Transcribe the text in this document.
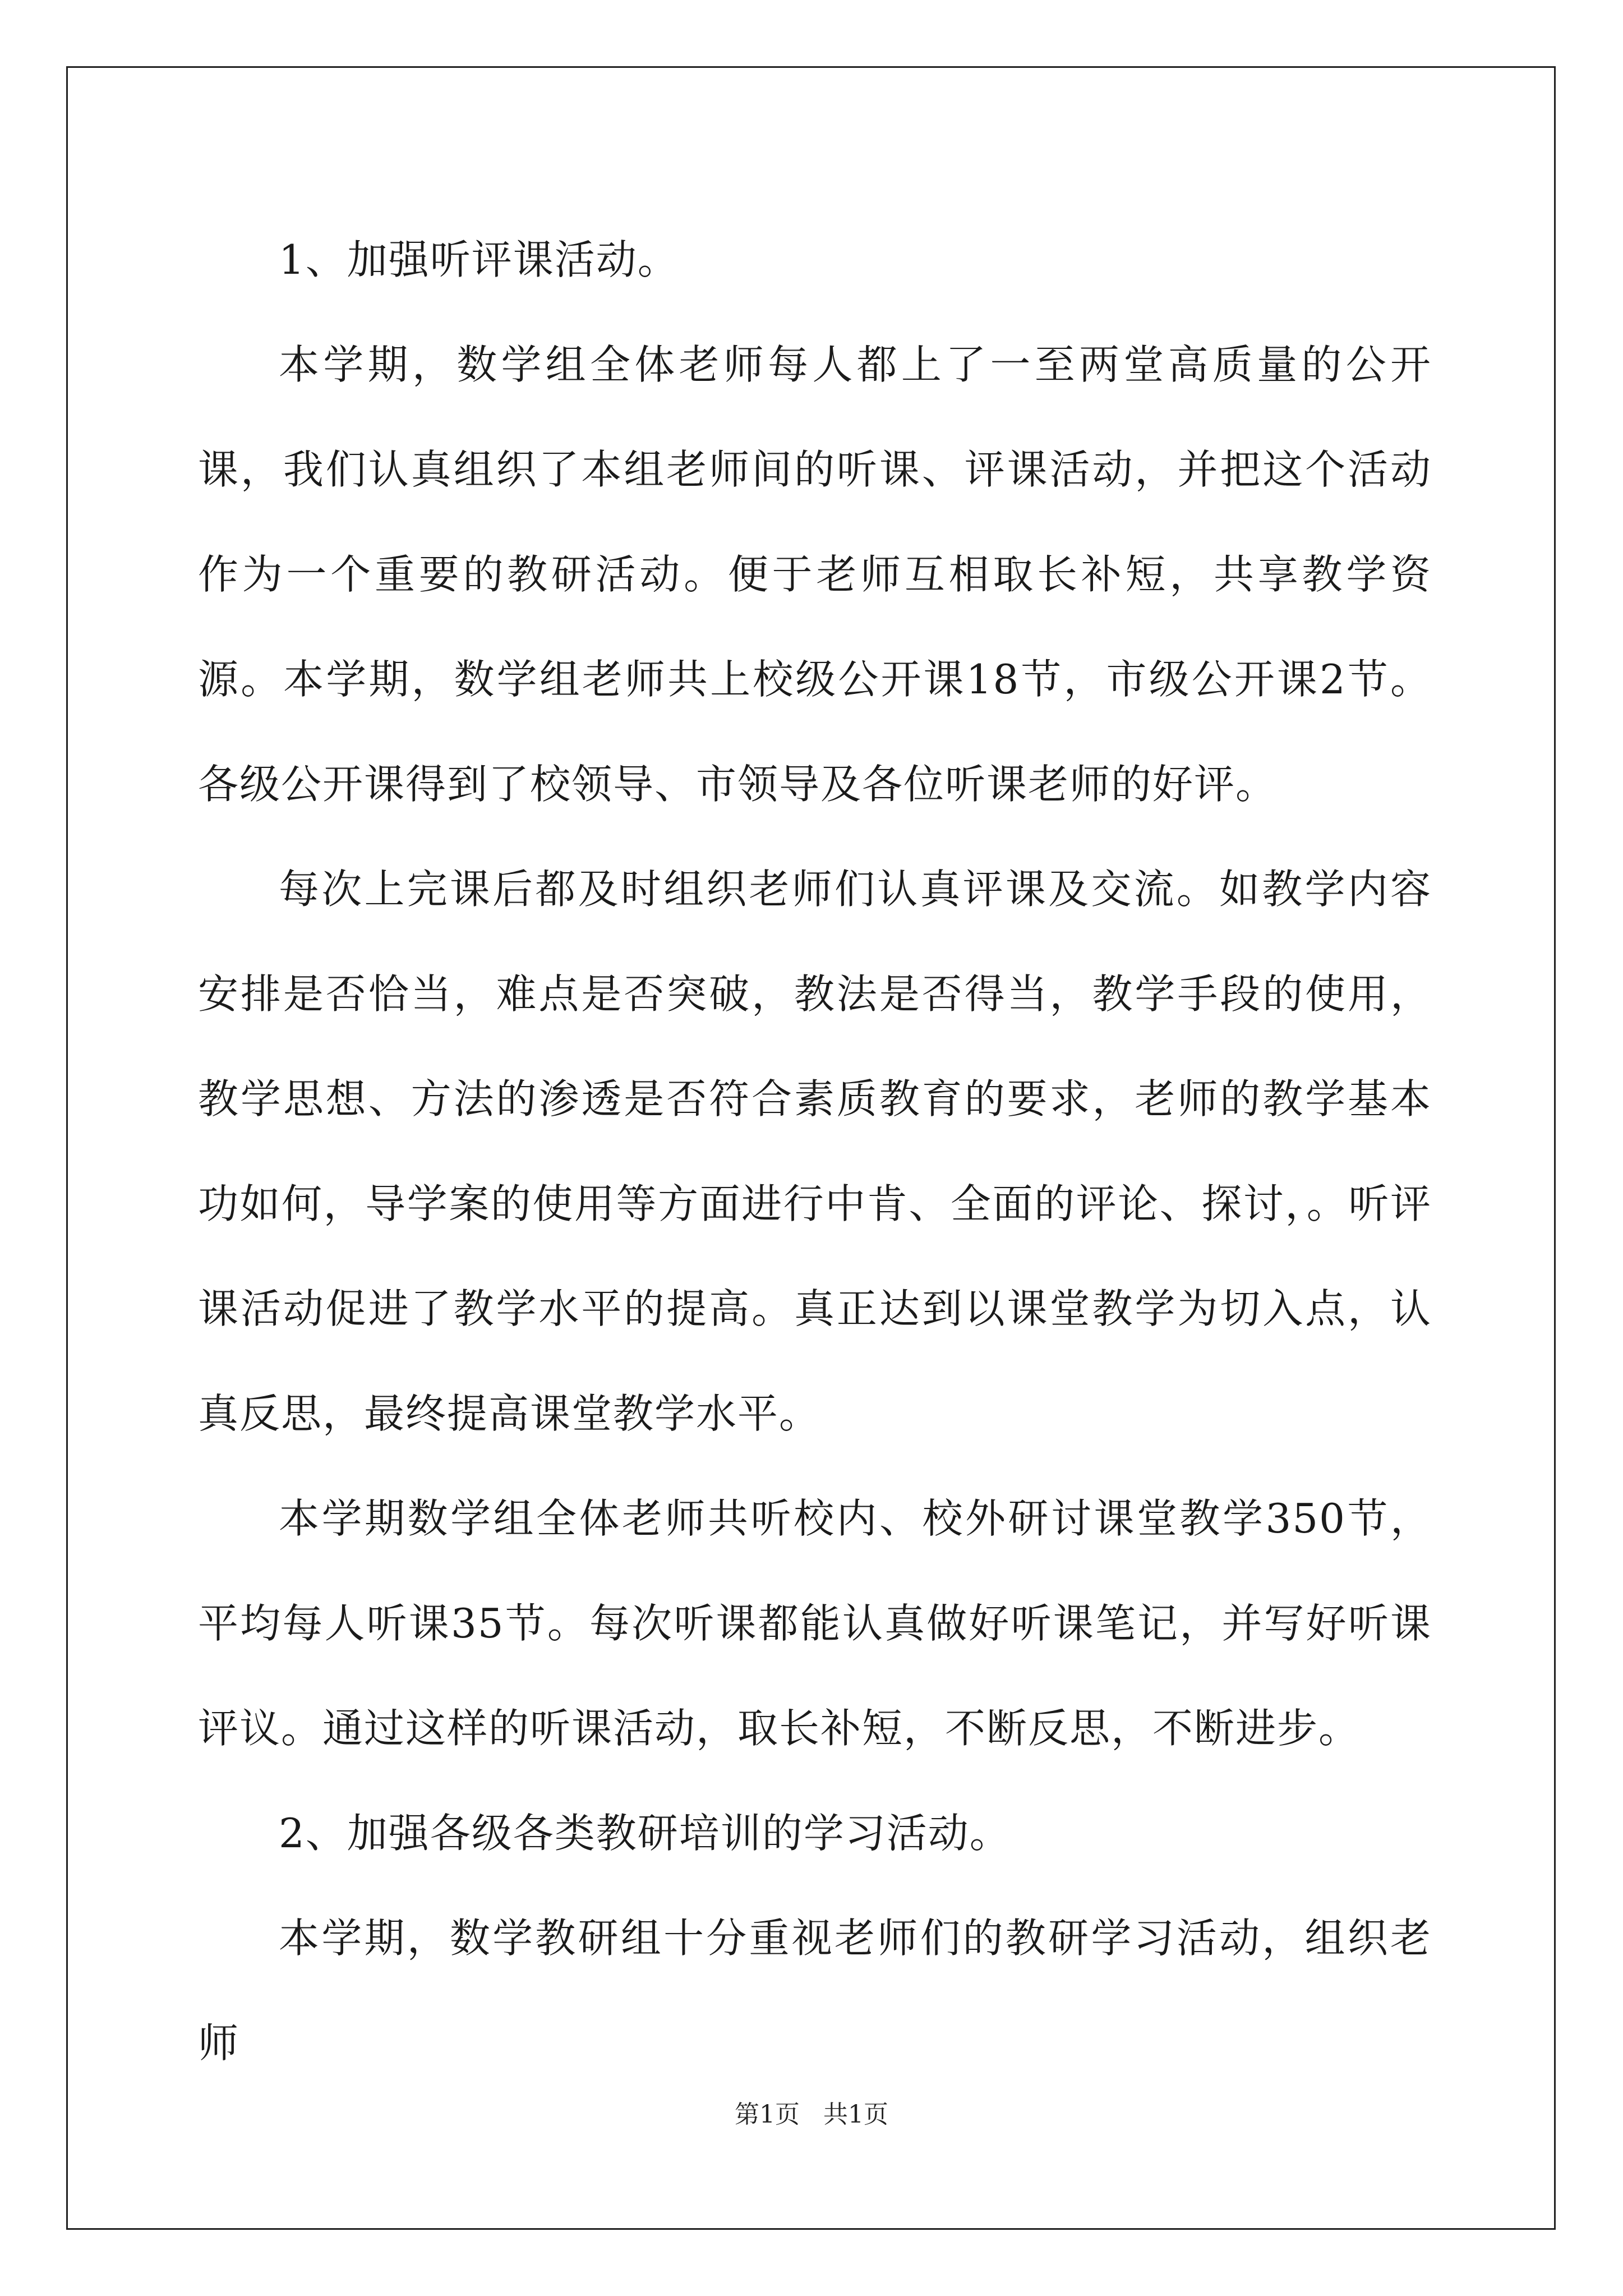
1、加强听评课活动。

本学期，数学组全体老师每人都上了一至两堂高质量的公开课，我们认真组织了本组老师间的听课、评课活动，并把这个活动作为一个重要的教研活动。便于老师互相取长补短，共享教学资源。本学期，数学组老师共上校级公开课18节，市级公开课2节。各级公开课得到了校领导、市领导及各位听课老师的好评。

每次上完课后都及时组织老师们认真评课及交流。如教学内容安排是否恰当，难点是否突破，教法是否得当，教学手段的使用，教学思想、方法的渗透是否符合素质教育的要求，老师的教学基本功如何，导学案的使用等方面进行中肯、全面的评论、探讨，。听评课活动促进了教学水平的提高。真正达到以课堂教学为切入点，认真反思，最终提高课堂教学水平。

本学期数学组全体老师共听校内、校外研讨课堂教学350节，平均每人听课35节。每次听课都能认真做好听课笔记，并写好听课评议。通过这样的听课活动，取长补短，不断反思，不断进步。

2、加强各级各类教研培训的学习活动。

本学期，数学教研组十分重视老师们的教研学习活动，组织老师

第1页 共1页
